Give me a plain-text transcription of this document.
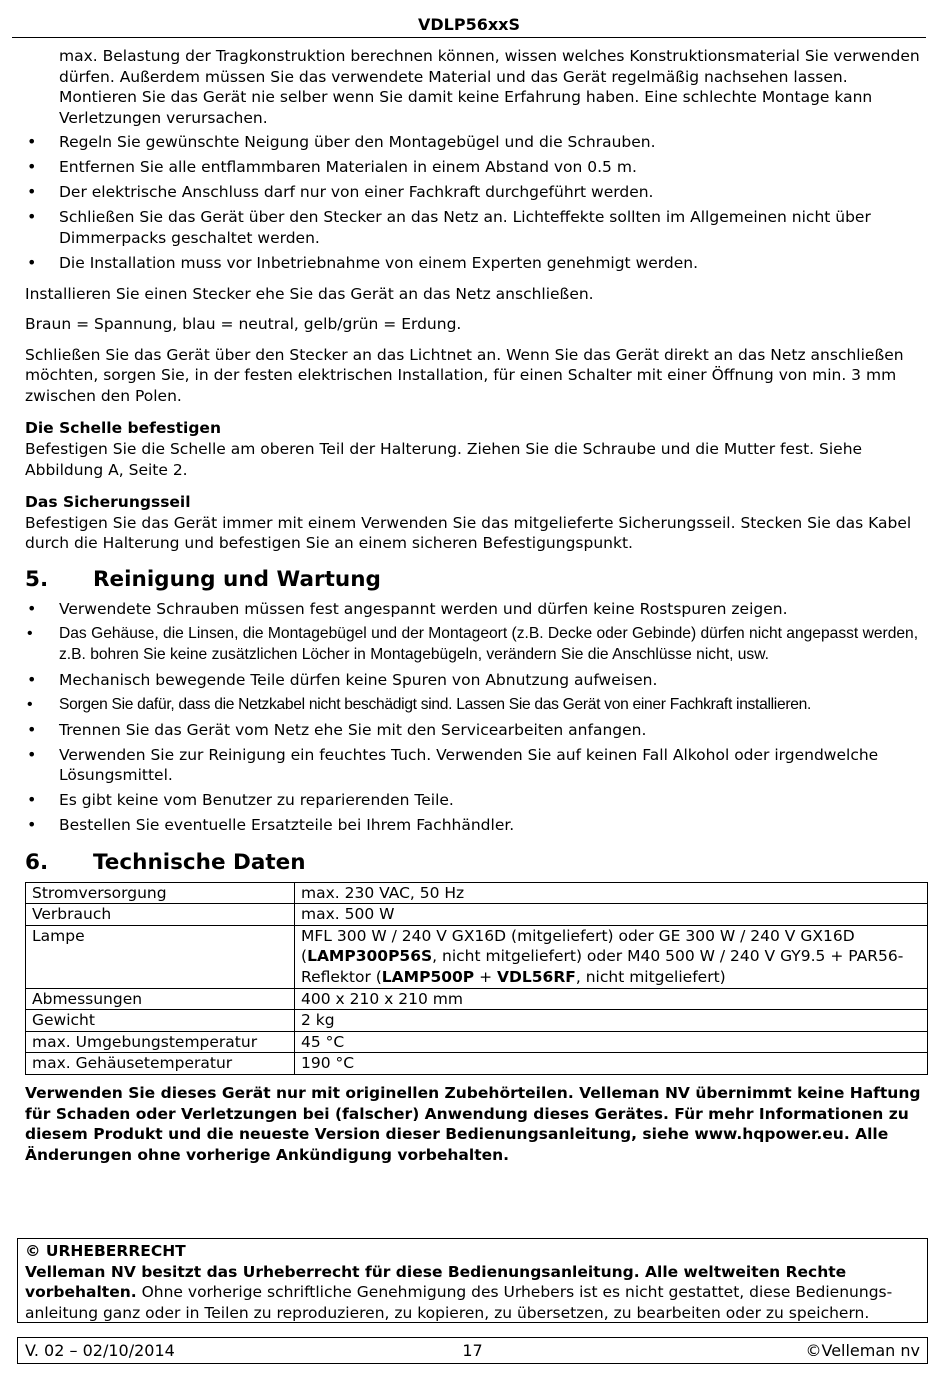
VDLP56xxS

max. Belastung der Tragkonstruktion berechnen können, wissen welches Konstruktionsmaterial Sie verwenden dürfen. Außerdem müssen Sie das verwendete Material und das Gerät regelmäßig nachsehen lassen. Montieren Sie das Gerät nie selber wenn Sie damit keine Erfahrung haben. Eine schlechte Montage kann Verletzungen verursachen.

• Regeln Sie gewünschte Neigung über den Montagebügel und die Schrauben.
• Entfernen Sie alle entflammbaren Materialen in einem Abstand von 0.5 m.
• Der elektrische Anschluss darf nur von einer Fachkraft durchgeführt werden.
• Schließen Sie das Gerät über den Stecker an das Netz an. Lichteffekte sollten im Allgemeinen nicht über Dimmerpacks geschaltet werden.
• Die Installation muss vor Inbetriebnahme von einem Experten genehmigt werden.

Installieren Sie einen Stecker ehe Sie das Gerät an das Netz anschließen.

Braun = Spannung, blau = neutral, gelb/grün = Erdung.

Schließen Sie das Gerät über den Stecker an das Lichtnet an. Wenn Sie das Gerät direkt an das Netz anschließen möchten, sorgen Sie, in der festen elektrischen Installation, für einen Schalter mit einer Öffnung von min. 3 mm zwischen den Polen.

Die Schelle befestigen

Befestigen Sie die Schelle am oberen Teil der Halterung. Ziehen Sie die Schraube und die Mutter fest. Siehe Abbildung A, Seite 2.

Das Sicherungsseil

Befestigen Sie das Gerät immer mit einem Verwenden Sie das mitgelieferte Sicherungsseil. Stecken Sie das Kabel durch die Halterung und befestigen Sie an einem sicheren Befestigungspunkt.

5. Reinigung und Wartung
• Verwendete Schrauben müssen fest angespannt werden und dürfen keine Rostspuren zeigen.
• Das Gehäuse, die Linsen, die Montagebügel und der Montageort (z.B. Decke oder Gebinde) dürfen nicht angepasst werden, z.B. bohren Sie keine zusätzlichen Löcher in Montagebügeln, verändern Sie die Anschlüsse nicht, usw.
• Mechanisch bewegende Teile dürfen keine Spuren von Abnutzung aufweisen.
• Sorgen Sie dafür, dass die Netzkabel nicht beschädigt sind. Lassen Sie das Gerät von einer Fachkraft installieren.
• Trennen Sie das Gerät vom Netz ehe Sie mit den Servicearbeiten anfangen.
• Verwenden Sie zur Reinigung ein feuchtes Tuch. Verwenden Sie auf keinen Fall Alkohol oder irgendwelche Lösungsmittel.
• Es gibt keine vom Benutzer zu reparierenden Teile.
• Bestellen Sie eventuelle Ersatzteile bei Ihrem Fachhändler.
6. Technische Daten
Stromversorgung	max. 230 VAC, 50 Hz
Verbrauch	max. 500 W
Lampe	MFL 300 W / 240 V GX16D (mitgeliefert) oder GE 300 W / 240 V GX16D (LAMP300P56S, nicht mitgeliefert) oder M40 500 W / 240 V GY9.5 + PAR56-Reflektor (LAMP500P + VDL56RF, nicht mitgeliefert)
Abmessungen	400 x 210 x 210 mm
Gewicht	2 kg
max. Umgebungstemperatur	45 °C
max. Gehäusetemperatur	190 °C

Verwenden Sie dieses Gerät nur mit originellen Zubehörteilen. Velleman NV übernimmt keine Haftung für Schaden oder Verletzungen bei (falscher) Anwendung dieses Gerätes. Für mehr Informationen zu diesem Produkt und die neueste Version dieser Bedienungsanleitung, siehe www.hqpower.eu. Alle Änderungen ohne vorherige Ankündigung vorbehalten.

© URHEBERRECHT
Velleman NV besitzt das Urheberrecht für diese Bedienungsanleitung. Alle weltweiten Rechte vorbehalten. Ohne vorherige schriftliche Genehmigung des Urhebers ist es nicht gestattet, diese Bedienungs-anleitung ganz oder in Teilen zu reproduzieren, zu kopieren, zu übersetzen, zu bearbeiten oder zu speichern.
17
V. 02 – 02/10/2014	©Velleman nv
